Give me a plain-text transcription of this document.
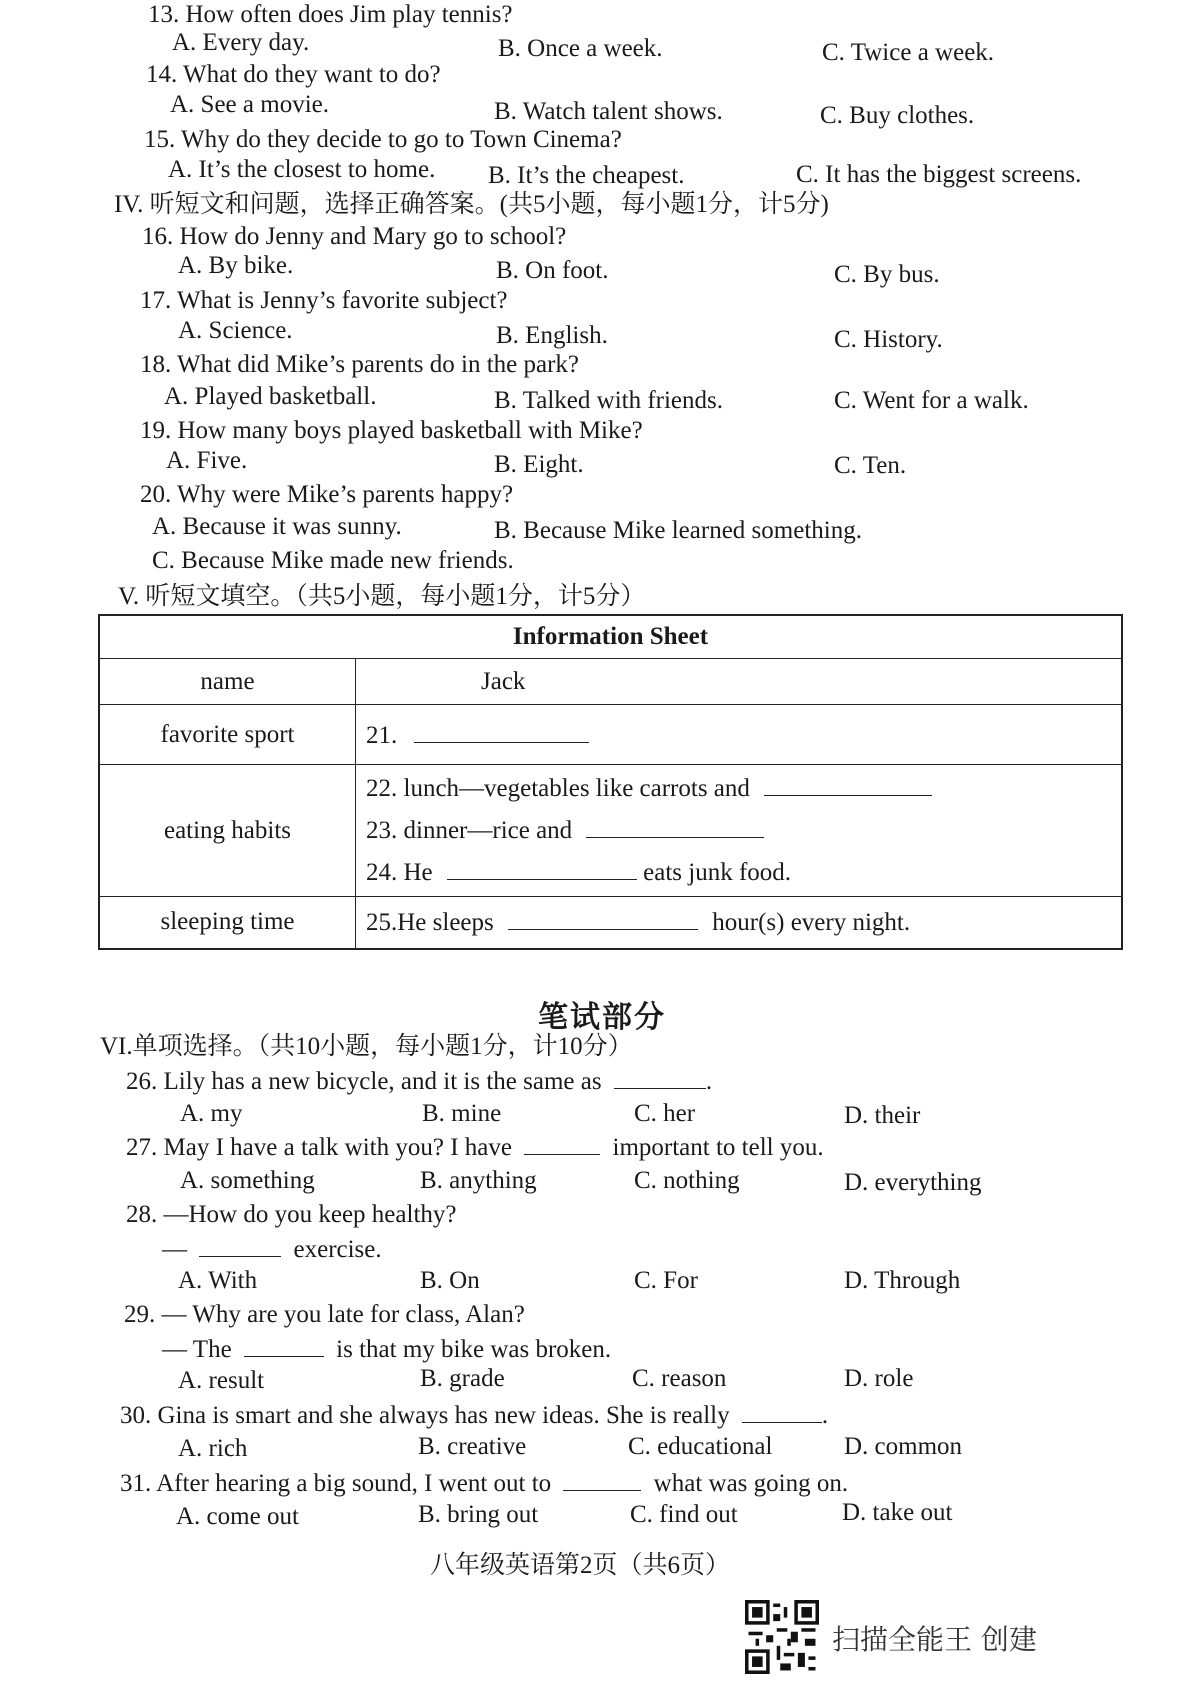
13. How often does Jim play tennis?
A. Every day.	B. Once a week.	C. Twice a week.
14. What do they want to do?
A. See a movie.	B. Watch talent shows.	C. Buy clothes.
15. Why do they decide to go to Town Cinema?
A. It’s the closest to home. B. It’s the cheapest.	C. It has the biggest screens.
IV. 听短文和问题，选择正确答案。(共5小题，每小题1分，计5分)
16. How do Jenny and Mary go to school?
A. By bike.	B. On foot.	C. By bus.
17. What is Jenny’s favorite subject?
A. Science.	B. English.	C. History.
18. What did Mike’s parents do in the park?
A. Played basketball.	B. Talked with friends.	C. Went for a walk.
19. How many boys played basketball with Mike?
A. Five.	B. Eight.	C. Ten.
20. Why were Mike’s parents happy?
A. Because it was sunny.	B. Because Mike learned something.
C. Because Mike made new friends.
V. 听短文填空。（共5小题，每小题1分，计5分）
Information Sheet	
name	Jack
favorite sport	21.
eating habits	22. lunch—vegetables like carrots and
23. dinner—rice and
24. He eats junk food.

sleeping time	25.He sleeps hour(s) every night.
笔试部分
VI.单项选择。（共10小题，每小题1分，计10分）
26. Lily has a new bicycle, and it is the same as	.
A. my	B. mine	C. her	D. their
27. May I have a talk with you? I have	important to tell you.
A. something	B. anything	C. nothing	D. everything
28. —How do you keep healthy?
—	exercise.
A. With	B. On	C. For	D. Through
29. — Why are you late for class, Alan?
— The	is that my bike was broken.
A. result	B. grade	C. reason	D. role
30. Gina is smart and she always has new ideas. She is really	.
A. rich	B. creative	C. educational	D. common
31. After hearing a big sound, I went out to	what was going on.
A. come out	B. bring out	C. find out	D. take out
八年级英语第2页（共6页）
扫描全能王 创建
